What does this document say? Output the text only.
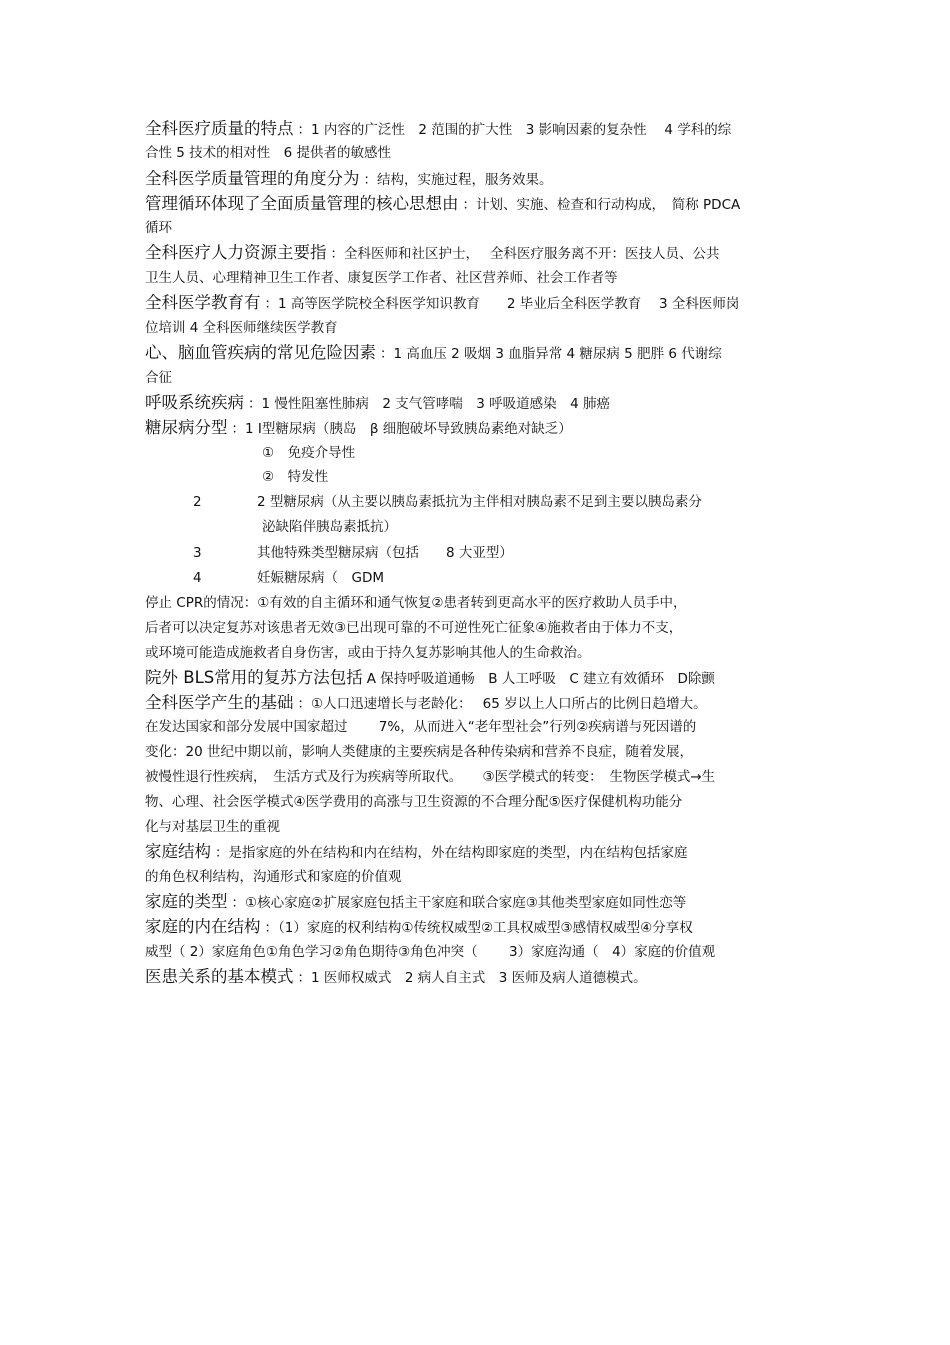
全科医疗质量的特点 ：1 内容的广泛性　2 范围的扩大性　3 影响因素的复杂性　 4 学科的综
合性 5 技术的相对性　6 提供者的敏感性
全科医学质量管理的角度分为 ：结构，实施过程，服务效果。
管理循环体现了全面质量管理的核心思想由 ：计划、实施、检查和行动构成，　简称 PDCA
循环
全科医疗人力资源主要指 ：全科医师和社区护士，　 全科医疗服务离不开：医技人员、公共
卫生人员、心理精神卫生工作者、康复医学工作者、社区营养师、社会工作者等
全科医学教育有 ：1 高等医学院校全科医学知识教育　　2 毕业后全科医学教育　 3 全科医师岗
位培训 4 全科医师继续医学教育
心、脑血管疾病的常见危险因素 ：1 高血压 2 吸烟 3 血脂异常 4 糖尿病 5 肥胖 6 代谢综
合征
呼吸系统疾病 ：1 慢性阻塞性肺病　2 支气管哮喘　3 呼吸道感染　4 肺癌
糖尿病分型 ：1 Ⅰ型糖尿病（胰岛　β 细胞破坏导致胰岛素绝对缺乏）
①　免疫介导性
②　特发性
2	2 型糖尿病（从主要以胰岛素抵抗为主伴相对胰岛素不足到主要以胰岛素分
泌缺陷伴胰岛素抵抗）
3	其他特殊类型糖尿病（包括　　8 大亚型）
4	妊娠糖尿病（　GDM
停止 CPR的情况：①有效的自主循环和通气恢复②患者转到更高水平的医疗救助人员手中，
后者可以决定复苏对该患者无效③已出现可靠的不可逆性死亡征象④施救者由于体力不支，
或环境可能造成施救者自身伤害，或由于持久复苏影响其他人的生命救治。
院外 BLS常用的复苏方法包括 A 保持呼吸道通畅　B 人工呼吸　C 建立有效循环　D除颤
全科医学产生的基础 ：①人口迅速增长与老龄化：　 65 岁以上人口所占的比例日趋增大。
在发达国家和部分发展中国家超过　　 7%，从而进入“老年型社会”行列②疾病谱与死因谱的
变化：20 世纪中期以前，影响人类健康的主要疾病是各种传染病和营养不良症，随着发展，
被慢性退行性疾病，　生活方式及行为疾病等所取代。　　③医学模式的转变：　生物医学模式→生
物、心理、社会医学模式④医学费用的高涨与卫生资源的不合理分配⑤医疗保健机构功能分
化与对基层卫生的重视
家庭结构 ：是指家庭的外在结构和内在结构，外在结构即家庭的类型，内在结构包括家庭
的角色权利结构，沟通形式和家庭的价值观
家庭的类型 ：①核心家庭②扩展家庭包括主干家庭和联合家庭③其他类型家庭如同性恋等
家庭的内在结构 ：（1）家庭的权利结构①传统权威型②工具权威型③感情权威型④分享权
威型（ 2）家庭角色①角色学习②角色期待③角色冲突（　　 3）家庭沟通（　4）家庭的价值观
医患关系的基本模式 ：1 医师权威式　2 病人自主式　3 医师及病人道德模式。
